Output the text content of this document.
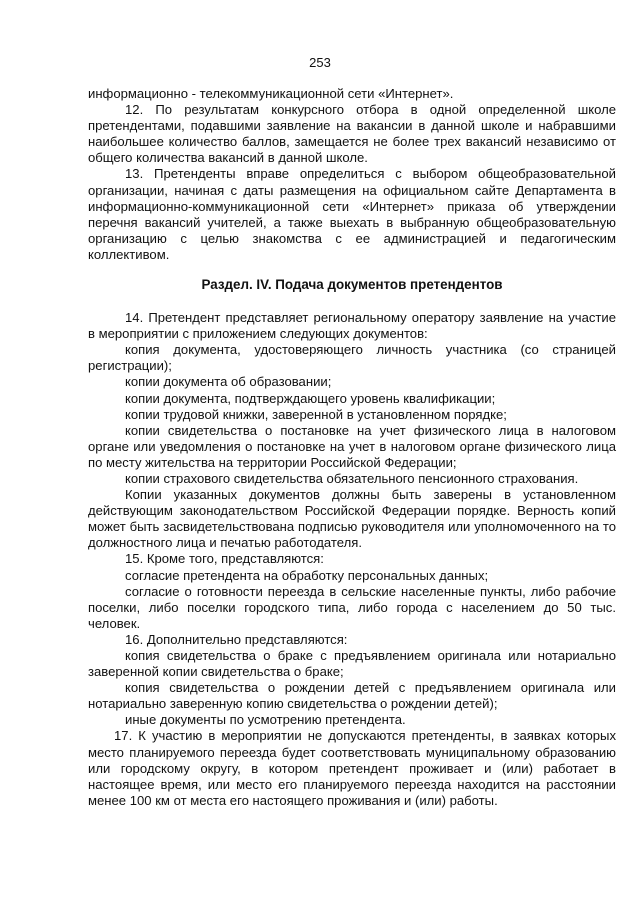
253

информационно - телекоммуникационной сети «Интернет».

12. По результатам конкурсного отбора в одной определенной школе претендентами, подавшими заявление на вакансии в данной школе и набравшими наибольшее количество баллов, замещается не более трех вакансий независимо от общего количества вакансий в данной школе.

13. Претенденты вправе определиться с выбором общеобразовательной организации, начиная с даты размещения на официальном сайте Департамента в информационно-коммуникационной сети «Интернет» приказа об утверждении перечня вакансий учителей, а также выехать в выбранную общеобразовательную организацию с целью знакомства с ее администрацией и педагогическим коллективом.

Раздел. IV. Подача документов претендентов

14. Претендент представляет региональному оператору заявление на участие в мероприятии с приложением следующих документов:

копия документа, удостоверяющего личность участника (со страницей регистрации);

копии документа об образовании;

копии документа, подтверждающего уровень квалификации;

копии трудовой книжки, заверенной в установленном порядке;

копии свидетельства о постановке на учет физического лица в налоговом органе или уведомления о постановке на учет в налоговом органе физического лица по месту жительства на территории Российской Федерации;

копии страхового свидетельства обязательного пенсионного страхования.

Копии указанных документов должны быть заверены в установленном действующим законодательством Российской Федерации порядке. Верность копий может быть засвидетельствована подписью руководителя или уполномоченного на то должностного лица и печатью работодателя.

15. Кроме того, представляются:

согласие претендента на обработку персональных данных;

согласие о готовности переезда в сельские населенные пункты, либо рабочие поселки, либо поселки городского типа, либо города с населением до 50 тыс. человек.

16. Дополнительно представляются:

копия свидетельства о браке с предъявлением оригинала или нотариально заверенной копии свидетельства о браке;

копия свидетельства о рождении детей с предъявлением оригинала или нотариально заверенную копию свидетельства о рождении детей);

иные документы по усмотрению претендента.

17. К участию в мероприятии не допускаются претенденты, в заявках которых место планируемого переезда будет соответствовать муниципальному образованию или городскому округу, в котором претендент проживает и (или) работает в настоящее время, или место его планируемого переезда находится на расстоянии менее 100 км от места его настоящего проживания и (или) работы.
